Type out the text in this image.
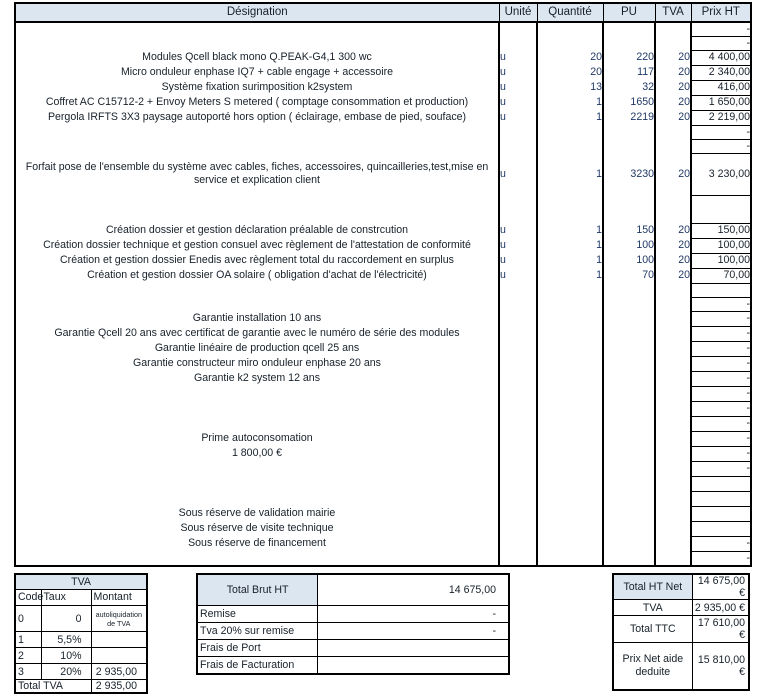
Désignation	Unité	Quantité	PU	TVA	Prix HT
					-
					-
Modules Qcell black mono Q.PEAK-G4,1 300 wc	u	20	220	20	4 400,00
Micro onduleur enphase IQ7 + cable engage + accessoire	u	20	117	20	2 340,00
Système fixation surimposition k2system	u	13	32	20	416,00
Coffret AC C15712-2 + Envoy Meters S metered ( comptage consommation et production)	u	1	1650	20	1 650,00
Pergola IRFTS 3X3 paysage autoporté hors option ( éclairage, embase de pied, souface)	u	1	2219	20	2 219,00
					-
					-
Forfait pose de l'ensemble du système avec cables, fiches, accessoires, quincailleries,test,mise en service et explication client	u	1	3230	20	3 230,00

Création dossier et gestion déclaration préalable de constrcution	u	1	150	20	150,00
Création dossier technique et gestion consuel avec règlement de l'attestation de conformité	u	1	100	20	100,00
Création et gestion dossier Enedis avec règlement total du raccordement en surplus	u	1	100	20	100,00
Création et gestion dossier OA solaire ( obligation d'achat de l'électricité)	u	1	70	20	70,00

					-
Garantie installation 10 ans					-
Garantie Qcell 20 ans avec certificat de garantie avec le numéro de série des modules					-
Garantie linéaire de production qcell 25 ans					-
Garantie constructeur miro onduleur enphase 20 ans					-
Garantie k2 system 12 ans					-
					-
					-
					-
Prime autoconsomation					-
1 800,00 €					-
					-

Sous réserve de validation mairie					
Sous réserve de visite technique					
Sous réserve de financement					-
					-
TVA		
Code	Taux	Montant
0	0	autoliquidation de TVA
1	5,5%	
2	10%	
3	20%	2 935,00
Total TVA		2 935,00
Total Brut HT	14 675,00
Remise	-
Tva 20% sur remise	-
Frais de Port	
Frais de Facturation	
Total HT Net	14 675,00 €
TVA	2 935,00 €
Total TTC	17 610,00 €
Prix Net aide deduite	15 810,00 €
